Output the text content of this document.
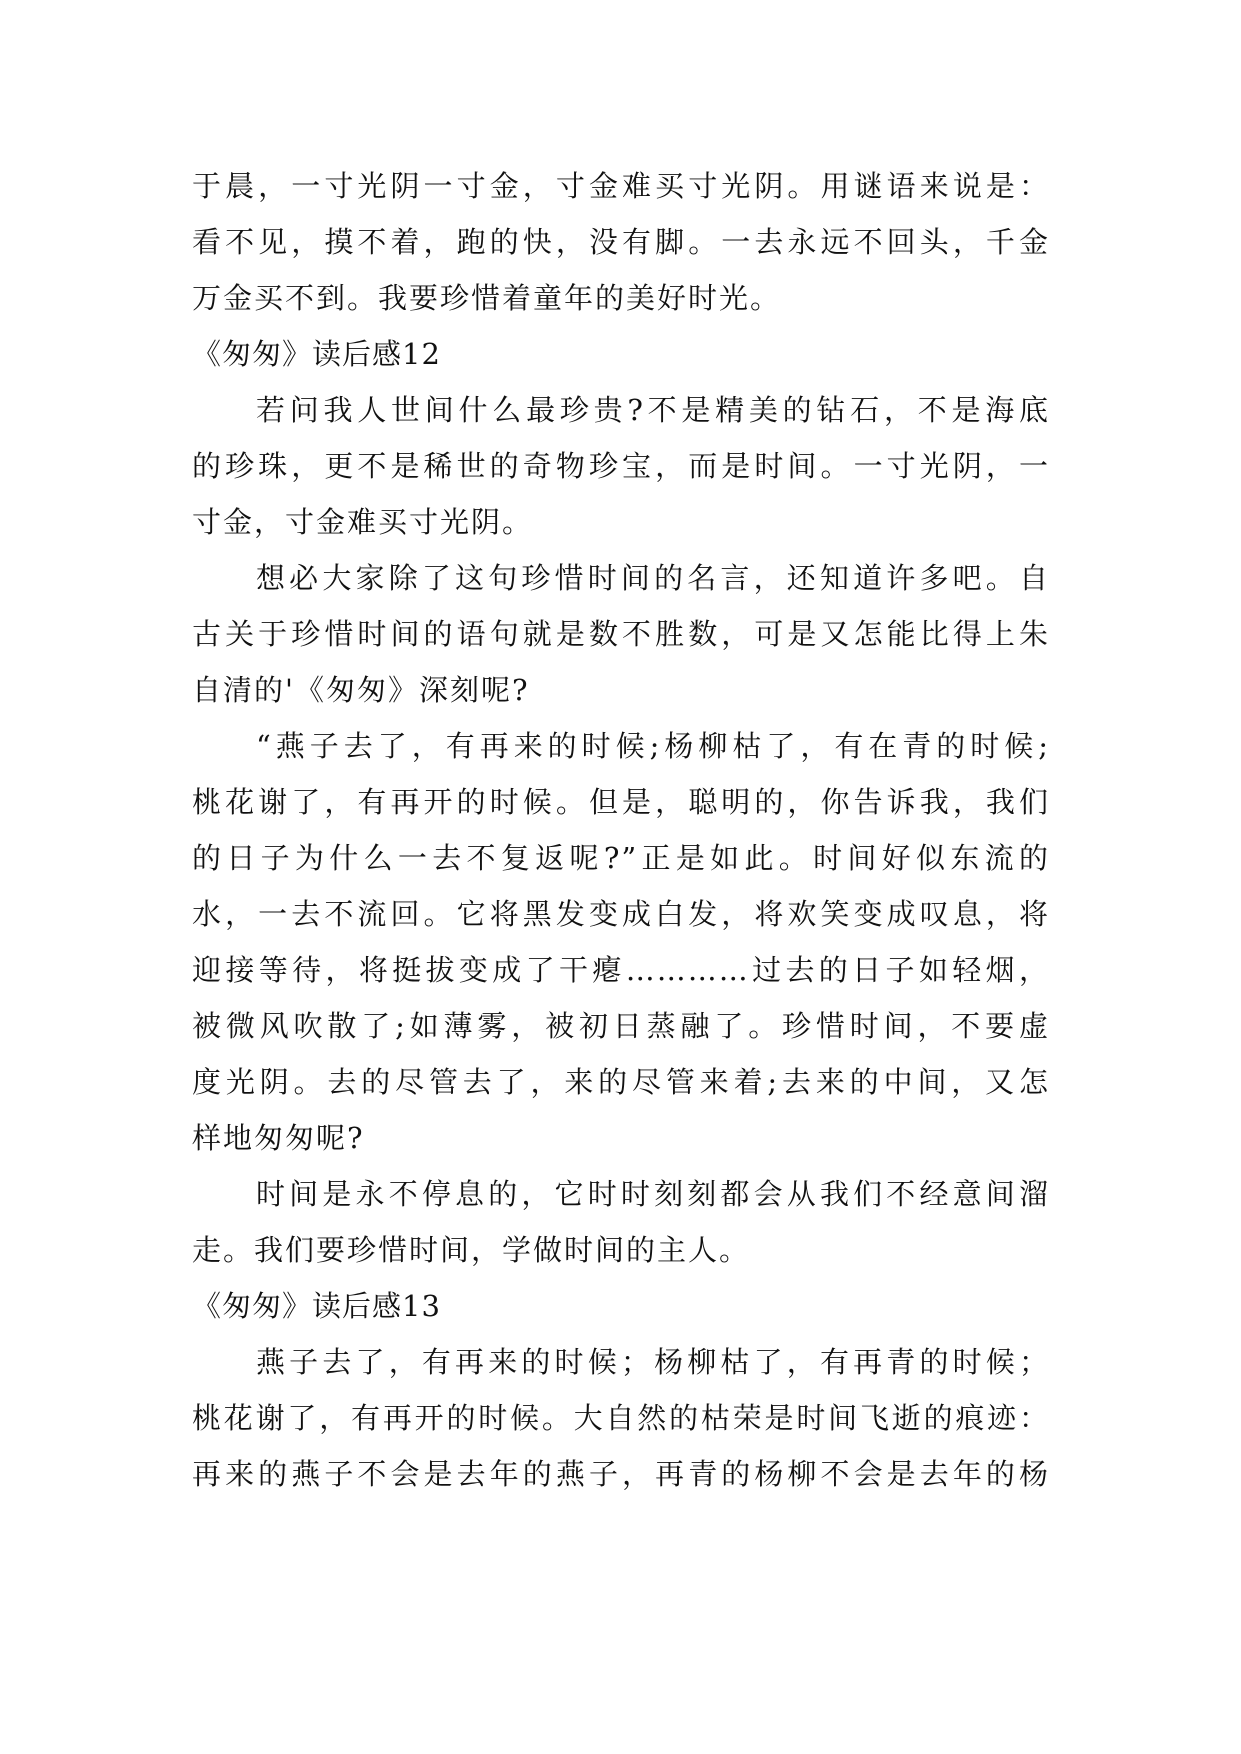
于晨，一寸光阴一寸金，寸金难买寸光阴。用谜语来说是：
看不见，摸不着，跑的快，没有脚。一去永远不回头，千金
万金买不到。我要珍惜着童年的美好时光。
《匆匆》读后感12
若问我人世间什么最珍贵?不是精美的钻石，不是海底
的珍珠，更不是稀世的奇物珍宝，而是时间。一寸光阴，一
寸金，寸金难买寸光阴。
想必大家除了这句珍惜时间的名言，还知道许多吧。自
古关于珍惜时间的语句就是数不胜数，可是又怎能比得上朱
自清的'《匆匆》深刻呢?
“燕子去了，有再来的时候;杨柳枯了，有在青的时候;
桃花谢了，有再开的时候。但是，聪明的，你告诉我，我们
的日子为什么一去不复返呢?”正是如此。时间好似东流的
水，一去不流回。它将黑发变成白发，将欢笑变成叹息，将
迎接等待，将挺拔变成了干瘪…………过去的日子如轻烟，
被微风吹散了;如薄雾，被初日蒸融了。珍惜时间，不要虚
度光阴。去的尽管去了，来的尽管来着;去来的中间，又怎
样地匆匆呢?
时间是永不停息的，它时时刻刻都会从我们不经意间溜
走。我们要珍惜时间，学做时间的主人。
《匆匆》读后感13
燕子去了，有再来的时候；杨柳枯了，有再青的时候；
桃花谢了，有再开的时候。大自然的枯荣是时间飞逝的痕迹：
再来的燕子不会是去年的燕子，再青的杨柳不会是去年的杨
